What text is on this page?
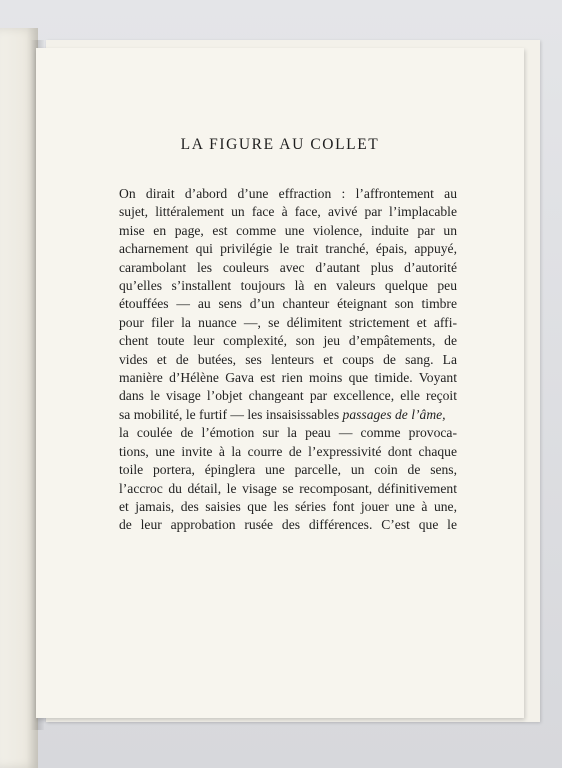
LA FIGURE AU COLLET
On dirait d’abord d’une effraction : l’affrontement au
sujet, littéralement un face à face, avivé par l’implacable
mise en page, est comme une violence, induite par un
acharnement qui privilégie le trait tranché, épais, appuyé,
carambolant les couleurs avec d’autant plus d’autorité
qu’elles s’installent toujours là en valeurs quelque peu
étouffées — au sens d’un chanteur éteignant son timbre
pour filer la nuance —, se délimitent strictement et affi-
chent toute leur complexité, son jeu d’empâtements, de
vides et de butées, ses lenteurs et coups de sang. La
manière d’Hélène Gava est rien moins que timide. Voyant
dans le visage l’objet changeant par excellence, elle reçoit
sa mobilité, le furtif — les insaisissables passages de l’âme,
la coulée de l’émotion sur la peau — comme provoca-
tions, une invite à la courre de l’expressivité dont chaque
toile portera, épinglera une parcelle, un coin de sens,
l’accroc du détail, le visage se recomposant, définitivement
et jamais, des saisies que les séries font jouer une à une,
de leur approbation rusée des différences. C’est que le
